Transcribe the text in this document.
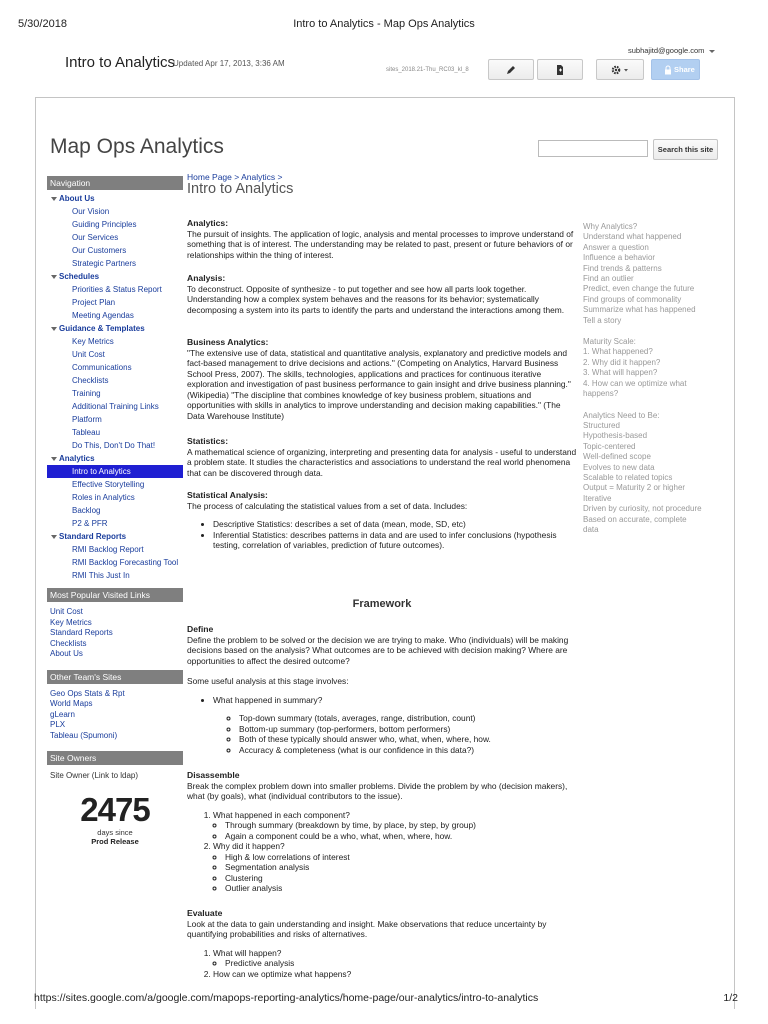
5/30/2018	Intro to Analytics - Map Ops Analytics
Intro to Analytics
Updated Apr 17, 2013, 3:36 AM
subhajitd@google.com
sites_2018.21-Thu_RC03_kl_8	Share
Map Ops Analytics	Search this site
Navigation
About Us
Our Vision
Guiding Principles
Our Services
Our Customers
Strategic Partners
Schedules
Priorities & Status Report
Project Plan
Meeting Agendas
Guidance & Templates
Key Metrics
Unit Cost
Communications
Checklists
Training
Additional Training Links
Platform
Tableau
Do This, Don't Do That!
Analytics
Intro to Analytics
Effective Storytelling
Roles in Analytics
Backlog
P2 & PFR
Standard Reports
RMI Backlog Report
RMI Backlog Forecasting Tool
RMI This Just In
Most Popular Visited Links
Unit Cost
Key Metrics
Standard Reports
Checklists
About Us
Other Team's Sites
Geo Ops Stats & Rpt
World Maps
gLearn
PLX
Tableau (Spumoni)
Site Owners
Site Owner (Link to ldap)
2475
days since
Prod Release
Home Page > Analytics >
Intro to Analytics
Analytics:

The pursuit of insights. The application of logic, analysis and mental processes to improve understand of something that is of interest. The understanding may be related to past, present or future behaviors of or relationships within the thing of interest.

Analysis:

To deconstruct. Opposite of synthesize - to put together and see how all parts look together. Understanding how a complex system behaves and the reasons for its behavior; systematically decomposing a system into its parts to identify the parts and understand the interactions among them.

Business Analytics:

"The extensive use of data, statistical and quantitative analysis, explanatory and predictive models and fact-based management to drive decisions and actions." (Competing on Analytics, Harvard Business School Press, 2007). The skills, technologies, applications and practices for continuous iterative exploration and investigation of past business performance to gain insight and drive business planning." (Wikipedia) "The discipline that combines knowledge of key business problem, situations and opportunities with skills in analytics to improve understanding and decision making capabilities." (The Data Warehouse Institute)

Statistics:

A mathematical science of organizing, interpreting and presenting data for analysis - useful to understand a problem state. It studies the characteristics and associations to understand the real world phenomena that can be discovered through data.

Statistical Analysis:

The process of calculating the statistical values from a set of data. Includes:

• Descriptive Statistics: describes a set of data (mean, mode, SD, etc)
• Inferential Statistics: describes patterns in data and are used to infer conclusions (hypothesis testing, correlation of variables, prediction of future outcomes).
Framework
Define

Define the problem to be solved or the decision we are trying to make. Who (individuals) will be making decisions based on the analysis? What outcomes are to be achieved with decision making? Where are opportunities to affect the desired outcome?

Some useful analysis at this stage involves:

• What happened in summary?
◦ Top-down summary (totals, averages, range, distribution, count)
◦ Bottom-up summary (top-performers, bottom performers)
◦ Both of these typically should answer who, what, when, where, how.
◦ Accuracy & completeness (what is our confidence in this data?)
Disassemble

Break the complex problem down into smaller problems. Divide the problem by who (decision makers), what (by goals), what (individual contributors to the issue).

1. What happened in each component?
◦ Through summary (breakdown by time, by place, by step, by group)
◦ Again a component could be a who, what, when, where, how.
2. Why did it happen?
◦ High & low correlations of interest
◦ Segmentation analysis
◦ Clustering
◦ Outlier analysis
Evaluate

Look at the data to gain understanding and insight. Make observations that reduce uncertainty by quantifying probabilities and risks of alternatives.

1. What will happen?
◦ Predictive analysis
2. How can we optimize what happens?
Why Analytics?
Understand what happened
Answer a question
Influence a behavior
Find trends & patterns
Find an outlier
Predict, even change the future
Find groups of commonality
Summarize what has happened
Tell a story
Maturity Scale:
1. What happened?
2. Why did it happen?
3. What will happen?
4. How can we optimize what
happens?
Analytics Need to Be:
Structured
Hypothesis-based
Topic-centered
Well-defined scope
Evolves to new data
Scalable to related topics
Output = Maturity 2 or higher
Iterative
Driven by curiosity, not procedure
Based on accurate, complete
data
https://sites.google.com/a/google.com/mapops-reporting-analytics/home-page/our-analytics/intro-to-analytics	1/2
